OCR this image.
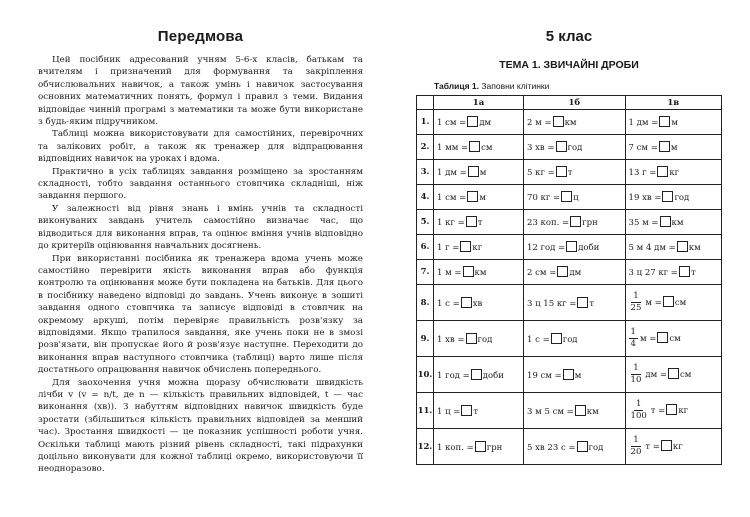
Передмова

Цей посібник адресований учням 5-6-х класів, батькам та вчителям і призначений для формування та закріплення обчислювальних навичок, а також умінь і навичок застосування основних математичних понять, формул і правил з теми. Видання відповідає чинній програмі з математики та може бути використане з будь-яким підручником.

Таблиці можна використовувати для самостійних, перевірочних та залікових робіт, а також як тренажер для відпрацювання відповідних навичок на уроках і вдома.

Практично в усіх таблицях завдання розміщено за зростанням складності, тобто завдання останнього стовпчика складніші, ніж завдання першого.

У залежності від рівня знань і вмінь учнів та складності виконуваних завдань учитель самостійно визначає час, що відводиться для виконання вправ, та оцінює вміння учнів відповідно до критеріїв оцінювання навчальних досягнень.

При використанні посібника як тренажера вдома учень може самостійно перевірити якість виконання вправ або функція контролю та оцінювання може бути покладена на батьків. Для цього в посібнику наведено відповіді до завдань. Учень виконує в зошиті завдання одного стовпчика та записує відповіді в стовпчик на окремому аркуші, потім перевіряє правильність розв'язку за відповідями. Якщо трапилося завдання, яке учень поки не в змозі розв'язати, він пропускає його й розв'язує наступне. Переходити до виконання вправ наступного стовпчика (таблиці) варто лише після достатнього опрацювання навичок обчислень попереднього.

Для заохочення учня можна щоразу обчислювати швидкість лічби v (v = n/t, де n — кількість правильних відповідей, t — час виконання (хв)). З набуттям відповідних навичок швидкість буде зростати (збільшиться кількість правильних відповідей за менший час). Зростання швидкості — це показник успішності роботи учня. Оскільки таблиці мають різний рівень складності, такі підрахунки доцільно виконувати для кожної таблиці окремо, використовуючи її неодноразово.

5 клас
ТЕМА 1. ЗВИЧАЙНІ ДРОБИ
Таблиця 1. Заповни клітинки
	1а	1б	1в
1.	1 см = дм	2 м = км	1 дм = м
2.	1 мм = см	3 хв = год	7 см = м
3.	1 дм = м	5 кг = т	13 г = кг
4.	1 см = м	70 кг = ц	19 хв = год
5.	1 кг = т	23 коп. = грн	35 м = км
6.	1 г = кг	12 год = доби	5 м 4 дм = км
7.	1 м = км	2 см = дм	3 ц 27 кг = т
8.	1 с = хв	3 ц 15 кг = т	$\frac{1}{25}$ м = см
9.	1 хв = год	1 с = год	$\frac{1}{4}$ м = см
10.	1 год = доби	19 см = м	$\frac{1}{10}$ дм = см
11.	1 ц = т	3 м 5 см = км	$\frac{1}{100}$ т = кг
12.	1 коп. = грн	5 хв 23 с = год	$\frac{1}{20}$ т = кг
